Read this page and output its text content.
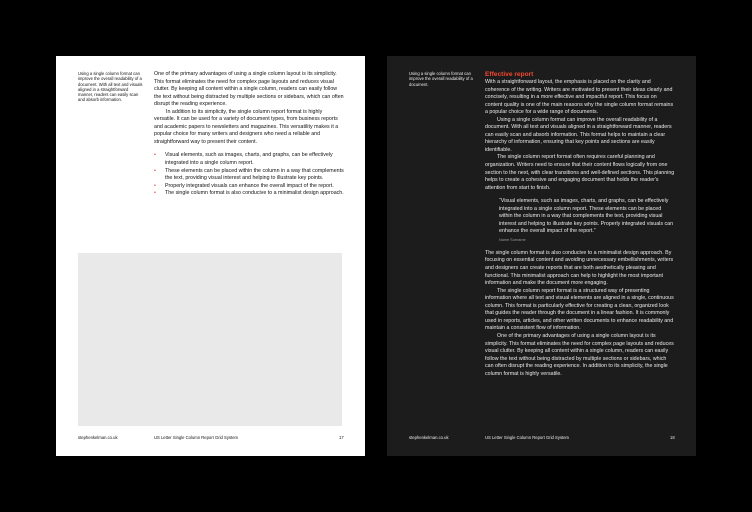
Using a single column format can improve the overall readability of a document. With all text and visuals aligned in a straightforward manner, readers can easily scan and absorb information.

One of the primary advantages of using a single column layout is its simplicity. This format eliminates the need for complex page layouts and reduces visual clutter. By keeping all content within a single column, readers can easily follow the text without being distracted by multiple sections or sidebars, which can often disrupt the reading experience.

In addition to its simplicity, the single column report format is highly versatile. It can be used for a variety of document types, from business reports and academic papers to newsletters and magazines. This versatility makes it a popular choice for many writers and designers who need a reliable and straightforward way to present their content.

• Visual elements, such as images, charts, and graphs, can be effectively integrated into a single column report.
• These elements can be placed within the column in a way that complements the text, providing visual interest and helping to illustrate key points.
• Properly integrated visuals can enhance the overall impact of the report.
• The single column format is also conducive to a minimalist design approach.
stephenkelman.co.uk	US Letter Single Column Report Grid System	17
Using a single column format can improve the overall readability of a document.

Effective report

With a straightforward layout, the emphasis is placed on the clarity and coherence of the writing. Writers are motivated to present their ideas clearly and concisely, resulting in a more effective and impactful report. This focus on content quality is one of the main reasons why the single column format remains a popular choice for a wide range of documents.

Using a single column format can improve the overall readability of a document. With all text and visuals aligned in a straightforward manner, readers can easily scan and absorb information. This format helps to maintain a clear hierarchy of information, ensuring that key points and sections are easily identifiable.

The single column report format often requires careful planning and organization. Writers need to ensure that their content flows logically from one section to the next, with clear transitions and well-defined sections. This planning helps to create a cohesive and engaging document that holds the reader's attention from start to finish.

“Visual elements, such as images, charts, and graphs, can be effectively integrated into a single column report. These elements can be placed within the column in a way that complements the text, providing visual interest and helping to illustrate key points. Properly integrated visuals can enhance the overall impact of the report.”
Name Surname

The single column format is also conducive to a minimalist design approach. By focusing on essential content and avoiding unnecessary embellishments, writers and designers can create reports that are both aesthetically pleasing and functional. This minimalist approach can help to highlight the most important information and make the document more engaging.

The single column report format is a structured way of presenting information where all text and visual elements are aligned in a single, continuous column. This format is particularly effective for creating a clean, organized look that guides the reader through the document in a linear fashion. It is commonly used in reports, articles, and other written documents to enhance readability and maintain a consistent flow of information.

One of the primary advantages of using a single column layout is its simplicity. This format eliminates the need for complex page layouts and reduces visual clutter. By keeping all content within a single column, readers can easily follow the text without being distracted by multiple sections or sidebars, which can often disrupt the reading experience. In addition to its simplicity, the single column format is highly versatile.

stephenkelman.co.uk	US Letter Single Column Report Grid System	18
